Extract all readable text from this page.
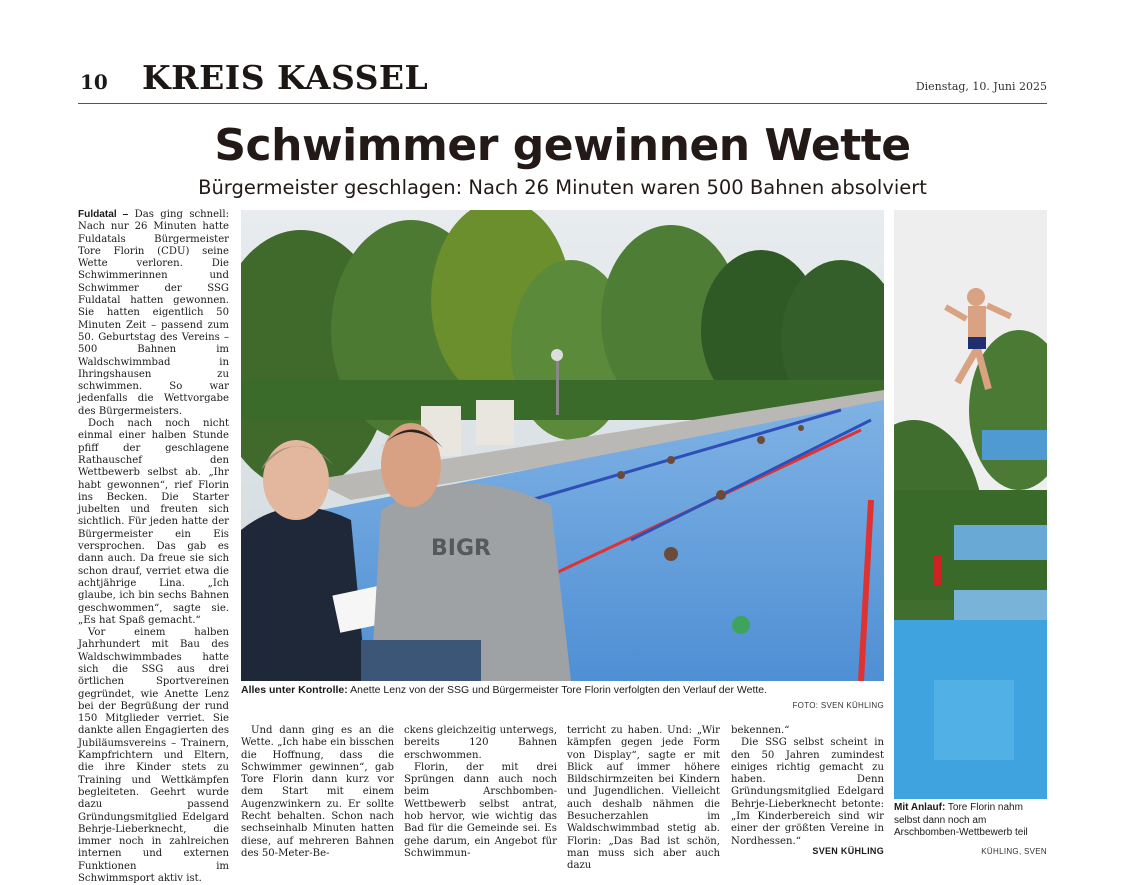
10 KREIS KASSEL	Dienstag, 10. Juni 2025
Schwimmer gewinnen Wette
Bürgermeister geschlagen: Nach 26 Minuten waren 500 Bahnen absolviert

Fuldatal – Das ging schnell: Nach nur 26 Minuten hatte Fuldatals Bürgermeister Tore Florin (CDU) seine Wette verloren. Die Schwimmerinnen und Schwimmer der SSG Fuldatal hatten gewonnen. Sie hatten eigentlich 50 Minuten Zeit – passend zum 50. Geburtstag des Vereins – 500 Bahnen im Waldschwimmbad in Ihringshausen zu schwimmen. So war jedenfalls die Wettvorgabe des Bürgermeisters.

Doch nach noch nicht einmal einer halben Stunde pfiff der geschlagene Rathauschef den Wettbewerb selbst ab. „Ihr habt gewonnen“, rief Florin ins Becken. Die Starter jubelten und freuten sich sichtlich. Für jeden hatte der Bürgermeister ein Eis versprochen. Das gab es dann auch. Da freue sie sich schon drauf, verriet etwa die achtjährige Lina. „Ich glaube, ich bin sechs Bahnen geschwommen“, sagte sie. „Es hat Spaß gemacht.“

Vor einem halben Jahrhundert mit Bau des Waldschwimmbades hatte sich die SSG aus drei örtlichen Sportvereinen gegründet, wie Anette Lenz bei der Begrüßung der rund 150 Mitglieder verriet. Sie dankte allen Engagierten des Jubiläumsvereins – Trainern, Kampfrichtern und Eltern, die ihre Kinder stets zu Training und Wettkämpfen begleiteten. Geehrt wurde dazu passend Gründungsmitglied Edelgard Behrje-Lieberknecht, die immer noch in zahlreichen internen und externen Funktionen im Schwimmsport aktiv ist.

BIGR
Alles unter Kontrolle: Anette Lenz von der SSG und Bürgermeister Tore Florin verfolgten den Verlauf der Wette.
FOTO: SVEN KÜHLING
Mit Anlauf: Tore Florin nahm selbst dann noch am Arschbomben-Wettbewerb teil
KÜHLING, SVEN

Und dann ging es an die Wette. „Ich habe ein bisschen die Hoffnung, dass die Schwimmer gewinnen“, gab Tore Florin dann kurz vor dem Start mit einem Augenzwinkern zu. Er sollte Recht behalten. Schon nach sechseinhalb Minuten hatten diese, auf mehreren Bahnen des 50-Meter-Be-

ckens gleichzeitig unterwegs, bereits 120 Bahnen erschwommen.

Florin, der mit drei Sprüngen dann auch noch beim Arschbomben-Wettbewerb selbst antrat, hob hervor, wie wichtig das Bad für die Gemeinde sei. Es gehe darum, ein Angebot für Schwimmun-

terricht zu haben. Und: „Wir kämpfen gegen jede Form von Display“, sagte er mit Blick auf immer höhere Bildschirmzeiten bei Kindern und Jugendlichen. Vielleicht auch deshalb nähmen die Besucherzahlen im Waldschwimmbad stetig ab. Florin: „Das Bad ist schön, man muss sich aber auch dazu

bekennen.“

Die SSG selbst scheint in den 50 Jahren zumindest einiges richtig gemacht zu haben. Denn Gründungsmitglied Edelgard Behrje-Lieberknecht betonte: „Im Kinderbereich sind wir einer der größten Vereine in Nordhessen.“

SVEN KÜHLING
